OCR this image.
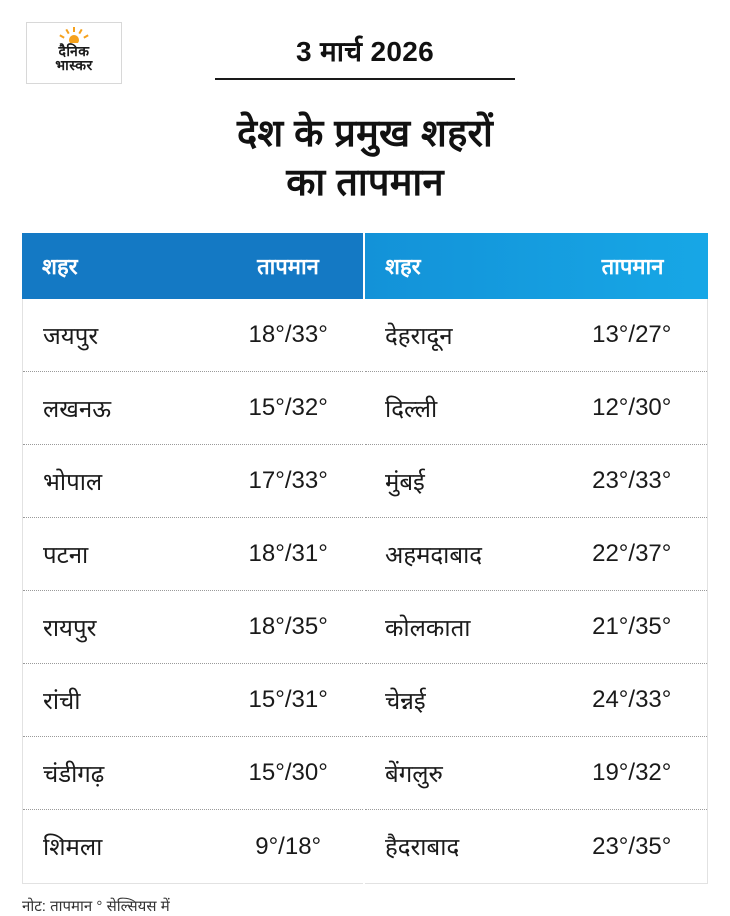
दैनिक
भास्कर	3 मार्च 2026
देश के प्रमुख शहरों
का तापमान
शहर	तापमान
जयपुर	18°/33°
लखनऊ	15°/32°
भोपाल	17°/33°
पटना	18°/31°
रायपुर	18°/35°
रांची	15°/31°
चंडीगढ़	15°/30°
शिमला	9°/18°
शहर	तापमान
देहरादून	13°/27°
दिल्ली	12°/30°
मुंबई	23°/33°
अहमदाबाद	22°/37°
कोलकाता	21°/35°
चेन्नई	24°/33°
बेंगलुरु	19°/32°
हैदराबाद	23°/35°
नोट: तापमान ° सेल्सियस में
